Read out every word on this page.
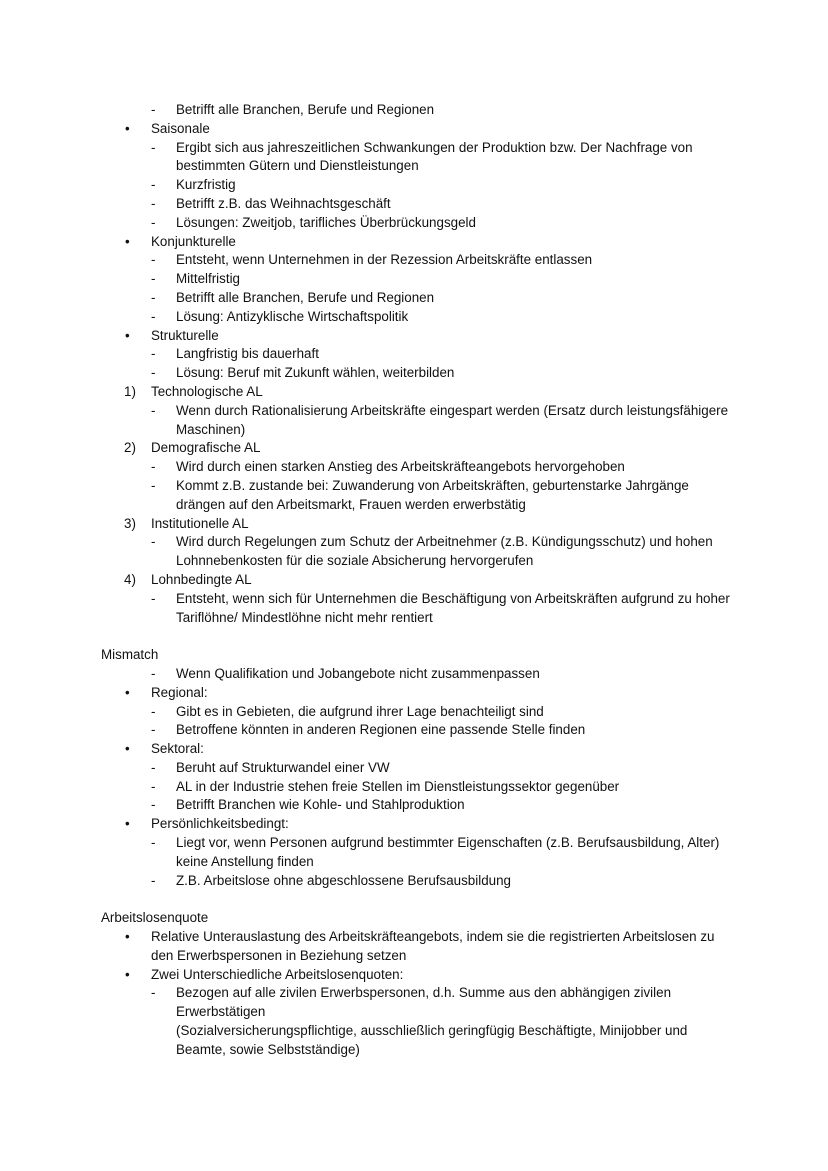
- Betrifft alle Branchen, Berufe und Regionen
• Saisonale
- Ergibt sich aus jahreszeitlichen Schwankungen der Produktion bzw. Der Nachfrage von bestimmten Gütern und Dienstleistungen
- Kurzfristig
- Betrifft z.B. das Weihnachtsgeschäft
- Lösungen: Zweitjob, tarifliches Überbrückungsgeld
• Konjunkturelle
- Entsteht, wenn Unternehmen in der Rezession Arbeitskräfte entlassen
- Mittelfristig
- Betrifft alle Branchen, Berufe und Regionen
- Lösung: Antizyklische Wirtschaftspolitik
• Strukturelle
- Langfristig bis dauerhaft
- Lösung: Beruf mit Zukunft wählen, weiterbilden
1) Technologische AL
- Wenn durch Rationalisierung Arbeitskräfte eingespart werden (Ersatz durch leistungsfähigere Maschinen)
2) Demografische AL
- Wird durch einen starken Anstieg des Arbeitskräfteangebots hervorgehoben
- Kommt z.B. zustande bei: Zuwanderung von Arbeitskräften, geburtenstarke Jahrgänge drängen auf den Arbeitsmarkt, Frauen werden erwerbstätig
3) Institutionelle AL
- Wird durch Regelungen zum Schutz der Arbeitnehmer (z.B. Kündigungsschutz) und hohen Lohnnebenkosten für die soziale Absicherung hervorgerufen
4) Lohnbedingte AL
- Entsteht, wenn sich für Unternehmen die Beschäftigung von Arbeitskräften aufgrund zu hoher Tariflöhne/ Mindestlöhne nicht mehr rentiert
Mismatch
- Wenn Qualifikation und Jobangebote nicht zusammenpassen
• Regional:
- Gibt es in Gebieten, die aufgrund ihrer Lage benachteiligt sind
- Betroffene könnten in anderen Regionen eine passende Stelle finden
• Sektoral:
- Beruht auf Strukturwandel einer VW
- AL in der Industrie stehen freie Stellen im Dienstleistungssektor gegenüber
- Betrifft Branchen wie Kohle- und Stahlproduktion
• Persönlichkeitsbedingt:
- Liegt vor, wenn Personen aufgrund bestimmter Eigenschaften (z.B. Berufsausbildung, Alter) keine Anstellung finden
- Z.B. Arbeitslose ohne abgeschlossene Berufsausbildung
Arbeitslosenquote
• Relative Unterauslastung des Arbeitskräfteangebots, indem sie die registrierten Arbeitslosen zu den Erwerbspersonen in Beziehung setzen
• Zwei Unterschiedliche Arbeitslosenquoten:
- Bezogen auf alle zivilen Erwerbspersonen, d.h. Summe aus den abhängigen zivilen Erwerbstätigen
(Sozialversicherungspflichtige, ausschließlich geringfügig Beschäftigte, Minijobber und Beamte, sowie Selbstständige)
